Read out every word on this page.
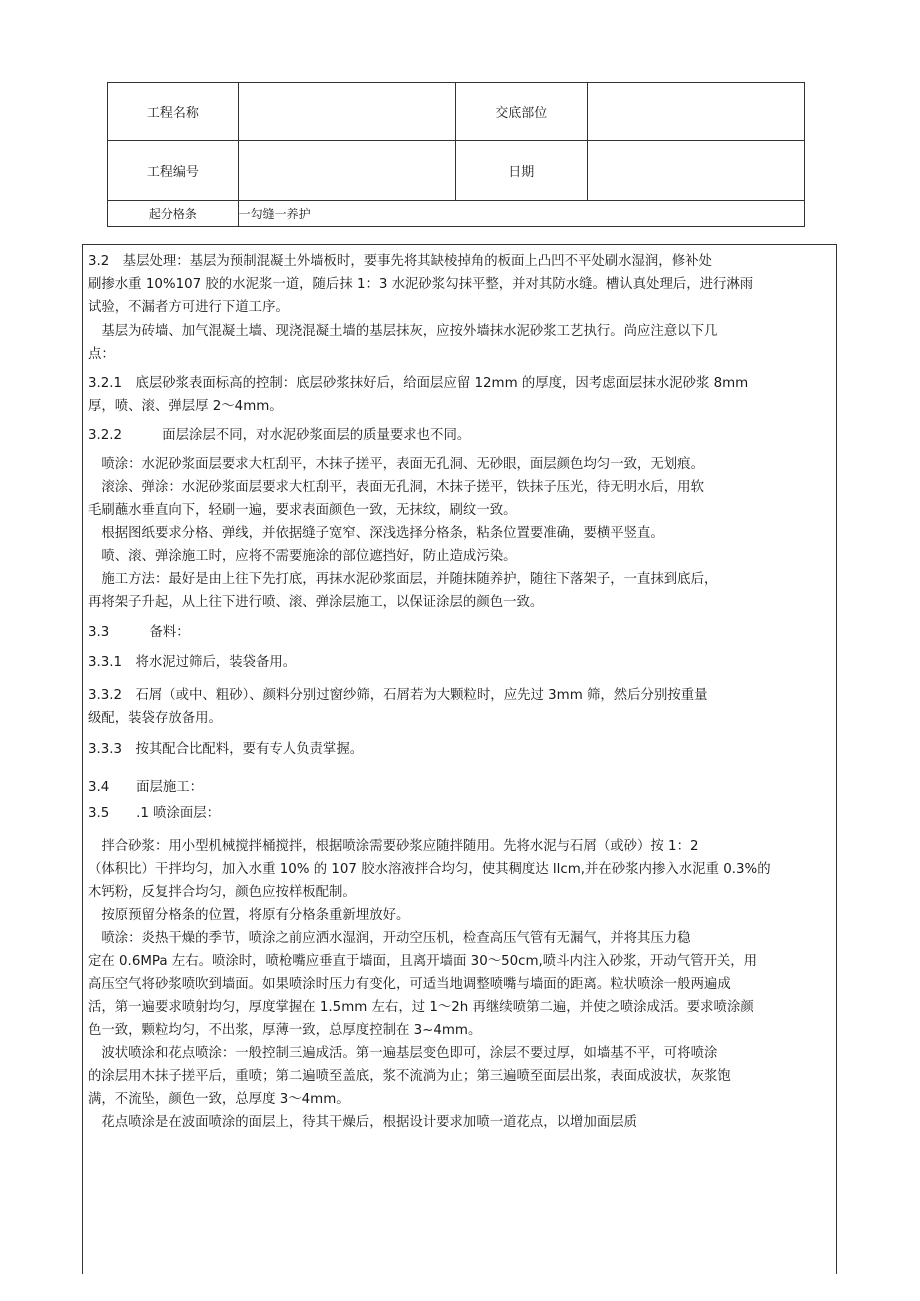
工程名称		交底部位	
工程编号		日期	
起分格条	一勾缝一养护		
3.2　基层处理：基层为预制混凝土外墙板时，要事先将其缺棱掉角的板面上凸凹不平处刷水湿润，修补处
刷掺水重 10%107 胶的水泥浆一道，随后抹 1：3 水泥砂浆勾抹平整，并对其防水缝。槽认真处理后，进行淋雨
试验，不漏者方可进行下道工序。
　基层为砖墙、加气混凝土墙、现浇混凝土墙的基层抹灰，应按外墙抹水泥砂浆工艺执行。尚应注意以下几
点：
3.2.1　底层砂浆表面标高的控制：底层砂浆抹好后，给面层应留 12mm 的厚度，因考虑面层抹水泥砂浆 8mm
厚，喷、滚、弹层厚 2～4mm。
3.2.2　　　面层涂层不同，对水泥砂浆面层的质量要求也不同。
　喷涂：水泥砂浆面层要求大杠刮平，木抹子搓平，表面无孔洞、无砂眼，面层颜色均匀一致，无划痕。
　滚涂、弹涂：水泥砂浆面层要求大杠刮平，表面无孔洞，木抹子搓平，铁抹子压光，待无明水后，用软
毛刷蘸水垂直向下，轻刷一遍，要求表面颜色一致，无抹纹，刷纹一致。
　根据图纸要求分格、弹线，并依据缝子宽窄、深浅选择分格条，粘条位置要准确，要横平竖直。
　喷、滚、弹涂施工时，应将不需要施涂的部位遮挡好，防止造成污染。
　施工方法：最好是由上往下先打底，再抹水泥砂浆面层，并随抹随养护，随往下落架子，一直抹到底后，
再将架子升起，从上往下进行喷、滚、弹涂层施工，以保证涂层的颜色一致。
3.3　　　备料：
3.3.1　将水泥过筛后，装袋备用。
3.3.2　石屑（或中、粗砂）、颜料分别过窗纱筛，石屑若为大颗粒时，应先过 3mm 筛，然后分别按重量
级配，装袋存放备用。
3.3.3　按其配合比配料，要有专人负责掌握。
3.4　　面层施工：
3.5　　.1 喷涂面层：
　拌合砂浆：用小型机械搅拌桶搅拌，根据喷涂需要砂浆应随拌随用。先将水泥与石屑（或砂）按 1：2
（体积比）干拌均匀，加入水重 10% 的 107 胶水溶液拌合均匀，使其稠度达 llcm,并在砂浆内掺入水泥重 0.3%的
木钙粉，反复拌合均匀，颜色应按样板配制。
　按原预留分格条的位置，将原有分格条重新埋放好。
　喷涂：炎热干燥的季节，喷涂之前应洒水湿润，开动空压机，检查高压气管有无漏气，并将其压力稳
定在 0.6MPa 左右。喷涂时，喷枪嘴应垂直于墙面，且离开墙面 30～50cm,喷斗内注入砂浆，开动气管开关，用
高压空气将砂浆喷吹到墙面。如果喷涂时压力有变化，可适当地调整喷嘴与墙面的距离。粒状喷涂一般两遍成
活，第一遍要求喷射均匀，厚度掌握在 1.5mm 左右，过 1～2h 再继续喷第二遍，并使之喷涂成活。要求喷涂颜
色一致，颗粒均匀，不出浆，厚薄一致，总厚度控制在 3~4mm。
　波状喷涂和花点喷涂：一般控制三遍成活。第一遍基层变色即可，涂层不要过厚，如墙基不平，可将喷涂
的涂层用木抹子搓平后，重喷；第二遍喷至盖底，浆不流淌为止；第三遍喷至面层出浆，表面成波状，灰浆饱
满，不流坠，颜色一致，总厚度 3～4mm。
　花点喷涂是在波面喷涂的面层上，待其干燥后，根据设计要求加喷一道花点，以增加面层质
